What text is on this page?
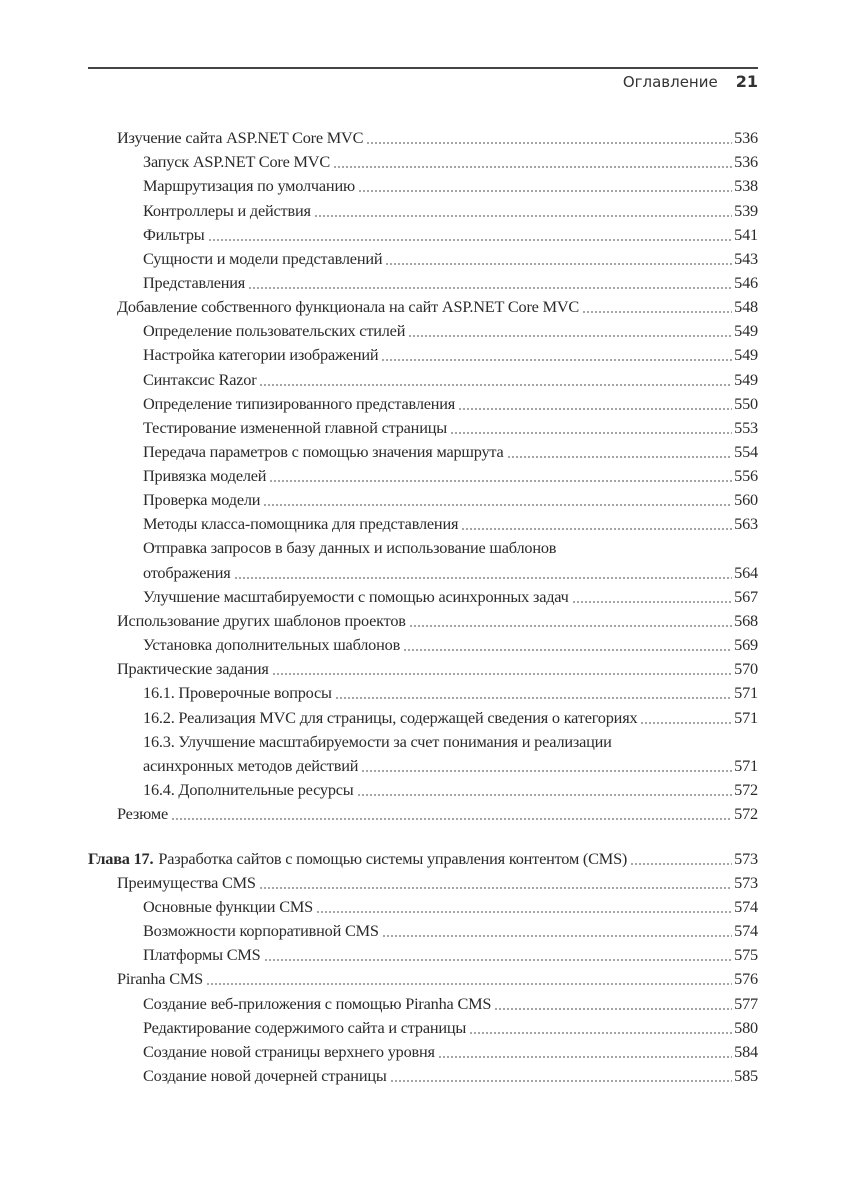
Оглавление 21
Изучение сайта ASP.NET Core MVC	536
Запуск ASP.NET Core MVC	536
Маршрутизация по умолчанию	538
Контроллеры и действия	539
Фильтры	541
Сущности и модели представлений	543
Представления	546
Добавление собственного функционала на сайт ASP.NET Core MVC	548
Определение пользовательских стилей	549
Настройка категории изображений	549
Синтаксис Razor	549
Определение типизированного представления	550
Тестирование измененной главной страницы	553
Передача параметров с помощью значения маршрута	554
Привязка моделей	556
Проверка модели	560
Методы класса-помощника для представления	563
Отправка запросов в базу данных и использование шаблонов
отображения	564
Улучшение масштабируемости с помощью асинхронных задач	567
Использование других шаблонов проектов	568
Установка дополнительных шаблонов	569
Практические задания	570
16.1. Проверочные вопросы	571
16.2. Реализация MVC для страницы, содержащей сведения о категориях	571
16.3. Улучшение масштабируемости за счет понимания и реализации
асинхронных методов действий	571
16.4. Дополнительные ресурсы	572
Резюме	572
Глава 17. Разработка сайтов с помощью системы управления контентом (CMS)	573
Преимущества CMS	573
Основные функции CMS	574
Возможности корпоративной CMS	574
Платформы CMS	575
Piranha CMS	576
Создание веб-приложения с помощью Piranha CMS	577
Редактирование содержимого сайта и страницы	580
Создание новой страницы верхнего уровня	584
Создание новой дочерней страницы	585
